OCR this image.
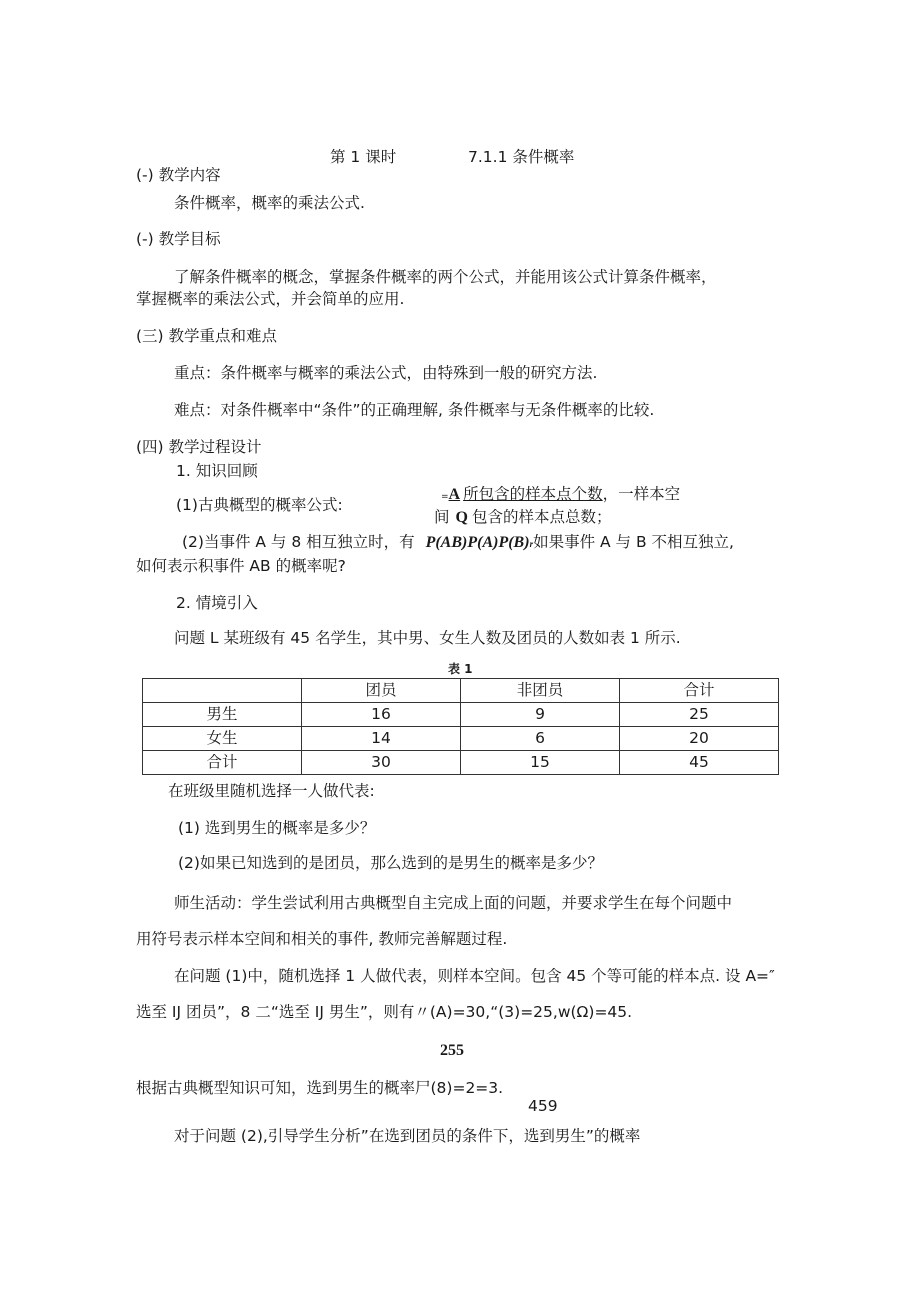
第 1 课时	7.1.1 条件概率
(-) 教学内容
条件概率，概率的乘法公式.
(-) 教学目标
了解条件概率的概念，掌握条件概率的两个公式，并能用该公式计算条件概率，
掌握概率的乘法公式，并会简单的应用.
(三) 教学重点和难点
重点：条件概率与概率的乘法公式，由特殊到一般的研究方法.
难点：对条件概率中“条件”的正确理解, 条件概率与无条件概率的比较.
(四) 教学过程设计
1. 知识回顾
(1)古典概型的概率公式:	=A 所包含的样本点个数，一样本空
间 Q 包含的样本点总数；
(2)当事件 A 与 8 相互独立时，有 P(AB)P(A)P(B)r如果事件 A 与 B 不相互独立,
如何表示积事件 AB 的概率呢?
2. 情境引入
问题 L 某班级有 45 名学生，其中男、女生人数及团员的人数如表 1 所示.
表 1
	团员	非团员	合计
男生	16	9	25
女生	14	6	20
合计	30	15	45
在班级里随机选择一人做代表:
(1) 选到男生的概率是多少？
(2)如果已知选到的是团员，那么选到的是男生的概率是多少？
师生活动：学生尝试利用古典概型自主完成上面的问题，并要求学生在每个问题中
用符号表示样本空间和相关的事件, 教师完善解题过程.
在问题 (1)中，随机选择 1 人做代表，则样本空间。包含 45 个等可能的样本点. 设 A=″
选至 IJ 团员”，8 二“选至 IJ 男生”，则有〃(A)=30,“(3)=25,w(Ω)=45.
255
根据古典概型知识可知，选到男生的概率尸(8)=2=3.
459
对于问题 (2),引导学生分析”在选到团员的条件下，选到男生”的概率
